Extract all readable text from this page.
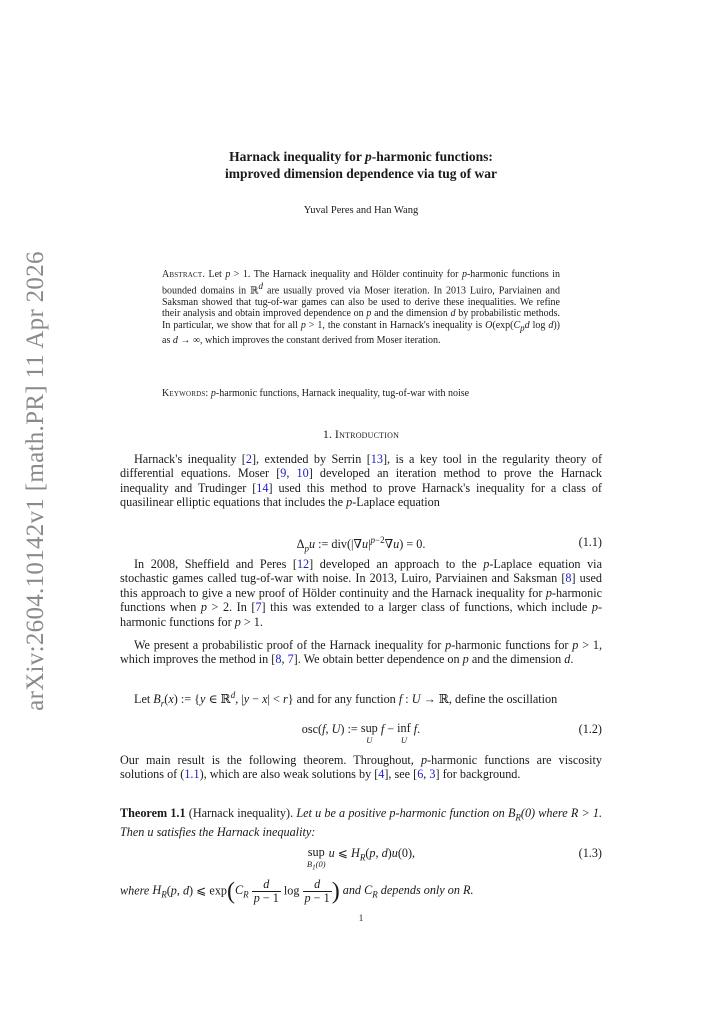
arXiv:2604.10142v1 [math.PR] 11 Apr 2026
Harnack inequality for p-harmonic functions:
improved dimension dependence via tug of war
Yuval Peres and Han Wang
Abstract. Let p > 1. The Harnack inequality and Hölder continuity for p-harmonic functions in bounded domains in ℝd are usually proved via Moser iteration. In 2013 Luiro, Parviainen and Saksman showed that tug-of-war games can also be used to derive these inequalities. We refine their analysis and obtain improved dependence on p and the dimension d by probabilistic methods. In particular, we show that for all p > 1, the constant in Harnack's inequality is O(exp(Cpd log d)) as d → ∞, which improves the constant derived from Moser iteration.
Keywords: p-harmonic functions, Harnack inequality, tug-of-war with noise
1. Introduction
Harnack's inequality [2], extended by Serrin [13], is a key tool in the regularity theory of differential equations. Moser [9, 10] developed an iteration method to prove the Harnack inequality and Trudinger [14] used this method to prove Harnack's inequality for a class of quasilinear elliptic equations that includes the p-Laplace equation
$\Delta_pu$ := $div(|\nabla u|^{p-2}\nabla u) = 0$.	(1.1)
In 2008, Sheffield and Peres [12] developed an approach to the p-Laplace equation via stochastic games called tug-of-war with noise. In 2013, Luiro, Parviainen and Saksman [8] used this approach to give a new proof of Hölder continuity and the Harnack inequality for p-harmonic functions when p > 2. In [7] this was extended to a larger class of functions, which include p-harmonic functions for p > 1.
We present a probabilistic proof of the Harnack inequality for p-harmonic functions for p > 1, which improves the method in [8, 7]. We obtain better dependence on p and the dimension d.
Let $B_r(x)$ := {y ∈ ℝ$^d$, |y − x| < r} and for any function f : U → ℝ, define the oscillation
osc(f, U) := sup
U
f − inf
U
f.	(1.2)
Our main result is the following theorem. Throughout, p-harmonic functions are viscosity solutions of (1.1), which are also weak solutions by [4], see [6, 3] for background.
Theorem 1.1 (Harnack inequality). Let u be a positive p-harmonic function on $B_R(0)$ where R > 1. Then u satisfies the Harnack inequality:
sup
$B_1(0)$
u ⩽ $H_R(p$, d)u(0),	(1.3)
where $H_R(p$, d) ⩽ $\exp(C_R \frac{d}{p - 1}$ $\log \frac{d}{p - 1}$ ) and $C_R$ depends only on R.
1
